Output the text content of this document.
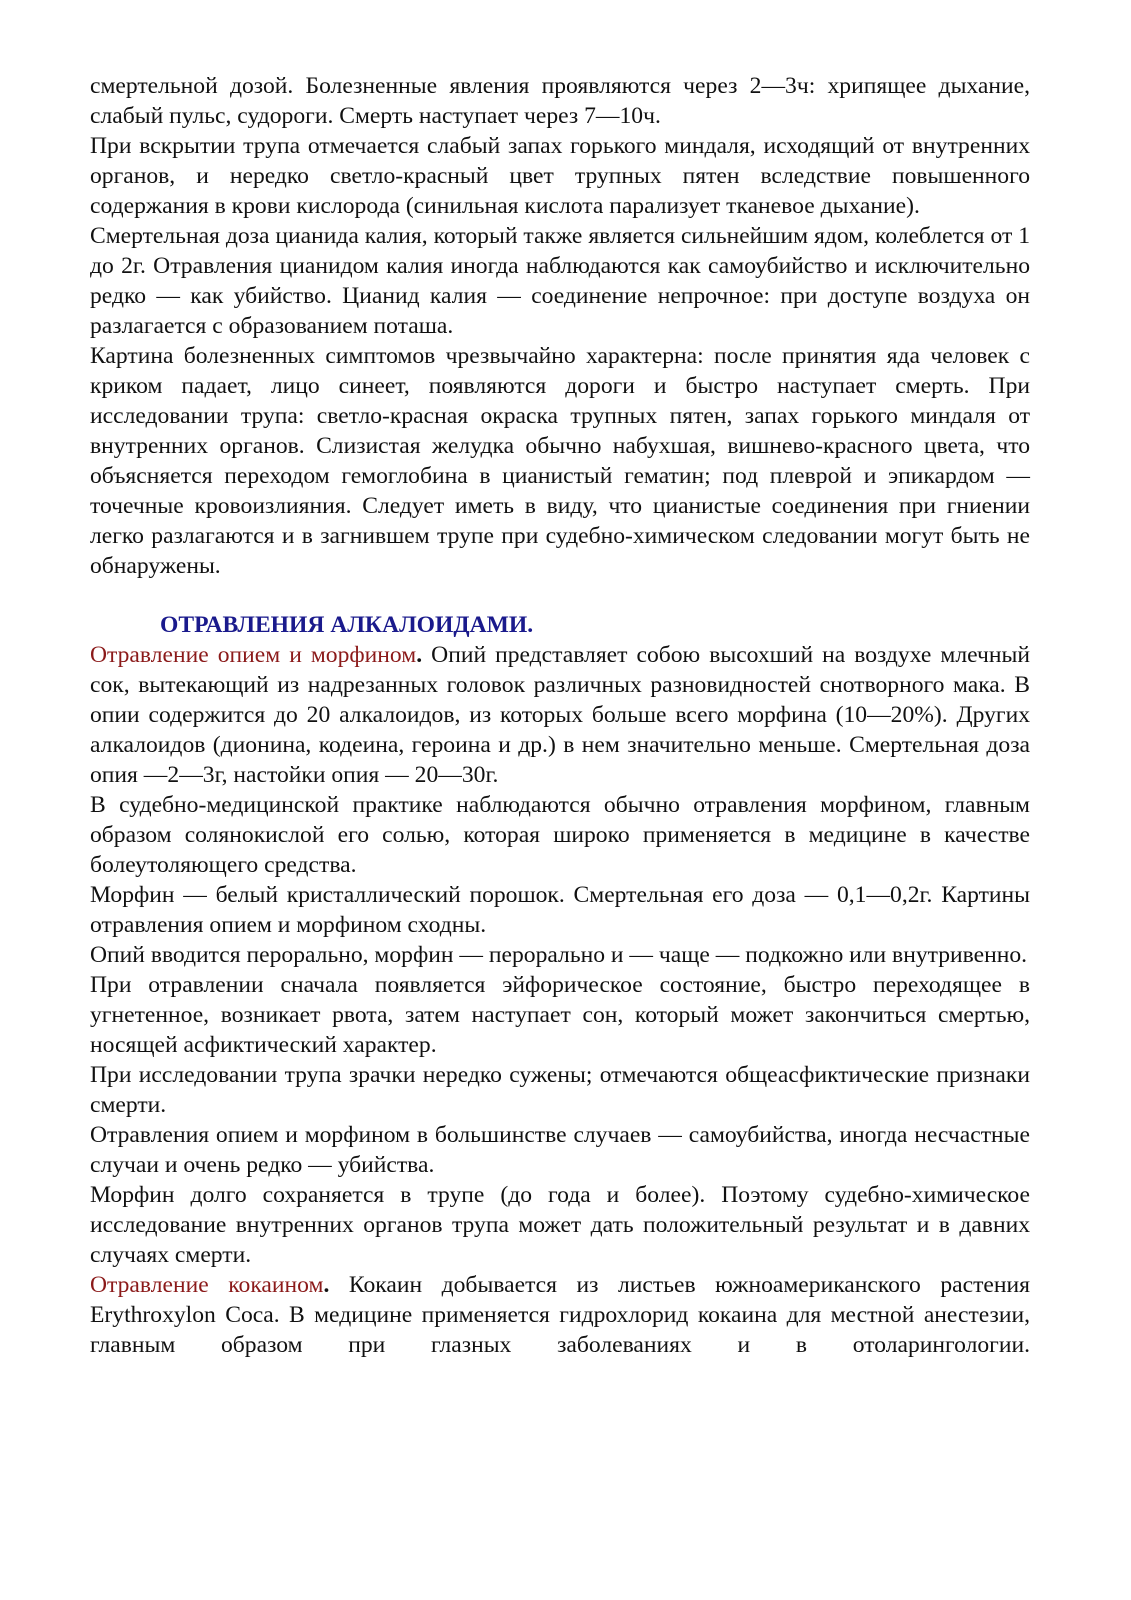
смертельной дозой. Болезненные явления проявляются через 2—3ч: хрипящее дыхание, слабый пульс, судороги. Смерть наступает через 7—10ч.

При вскрытии трупа отмечается слабый запах горького миндаля, исходящий от внутренних органов, и нередко светло-красный цвет трупных пятен вследствие повышенного содержания в крови кислорода (синильная кислота парализует тканевое дыхание).

Смертельная доза цианида калия, который также является сильнейшим ядом, колеблется от 1 до 2г. Отравления цианидом калия иногда наблюдаются как самоубийство и исключительно редко — как убийство. Цианид калия — соединение непрочное: при доступе воздуха он разлагается с образованием поташа.

Картина болезненных симптомов чрезвычайно характерна: после принятия яда человек с криком падает, лицо синеет, появляются дороги и быстро наступает смерть. При исследовании трупа: светло-красная окраска трупных пятен, запах горького миндаля от внутренних органов. Слизистая желудка обычно набухшая, вишнево-красного цвета, что объясняется переходом гемоглобина в цианистый гематин; под плеврой и эпикардом — точечные кровоизлияния. Следует иметь в виду, что цианистые соединения при гниении легко разлагаются и в загнившем трупе при судебно-химическом следовании могут быть не обнаружены.

ОТРАВЛЕНИЯ АЛКАЛОИДАМИ.

Отравление опием и морфином. Опий представляет собою высохший на воздухе млечный сок, вытекающий из надрезанных головок различных разновидностей снотворного мака. В опии содержится до 20 алкалоидов, из которых больше всего морфина (10—20%). Других алкалоидов (дионина, кодеина, героина и др.) в нем значительно меньше. Смертельная доза опия —2—3г, настойки опия — 20—30г.

В судебно-медицинской практике наблюдаются обычно отравления морфином, главным образом солянокислой его солью, которая широко применяется в медицине в качестве болеутоляющего средства.

Морфин — белый кристаллический порошок. Смертельная его доза — 0,1—0,2г. Картины отравления опием и морфином сходны.

Опий вводится перорально, морфин — перорально и — чаще — подкожно или внутривенно.

При отравлении сначала появляется эйфорическое состояние, быстро переходящее в угнетенное, возникает рвота, затем наступает сон, который может закончиться смертью, носящей асфиктический характер.

При исследовании трупа зрачки нередко сужены; отмечаются общеасфиктические признаки смерти.

Отравления опием и морфином в большинстве случаев — самоубийства, иногда несчастные случаи и очень редко — убийства.

Морфин долго сохраняется в трупе (до года и более). Поэтому судебно-химическое исследование внутренних органов трупа может дать положительный результат и в давних случаях смерти.

Отравление кокаином. Кокаин добывается из листьев южноамериканского растения Erythroxylon Coca. В медицине применяется гидрохлорид кокаина для местной анестезии, главным образом при глазных заболеваниях и в отоларингологии.
